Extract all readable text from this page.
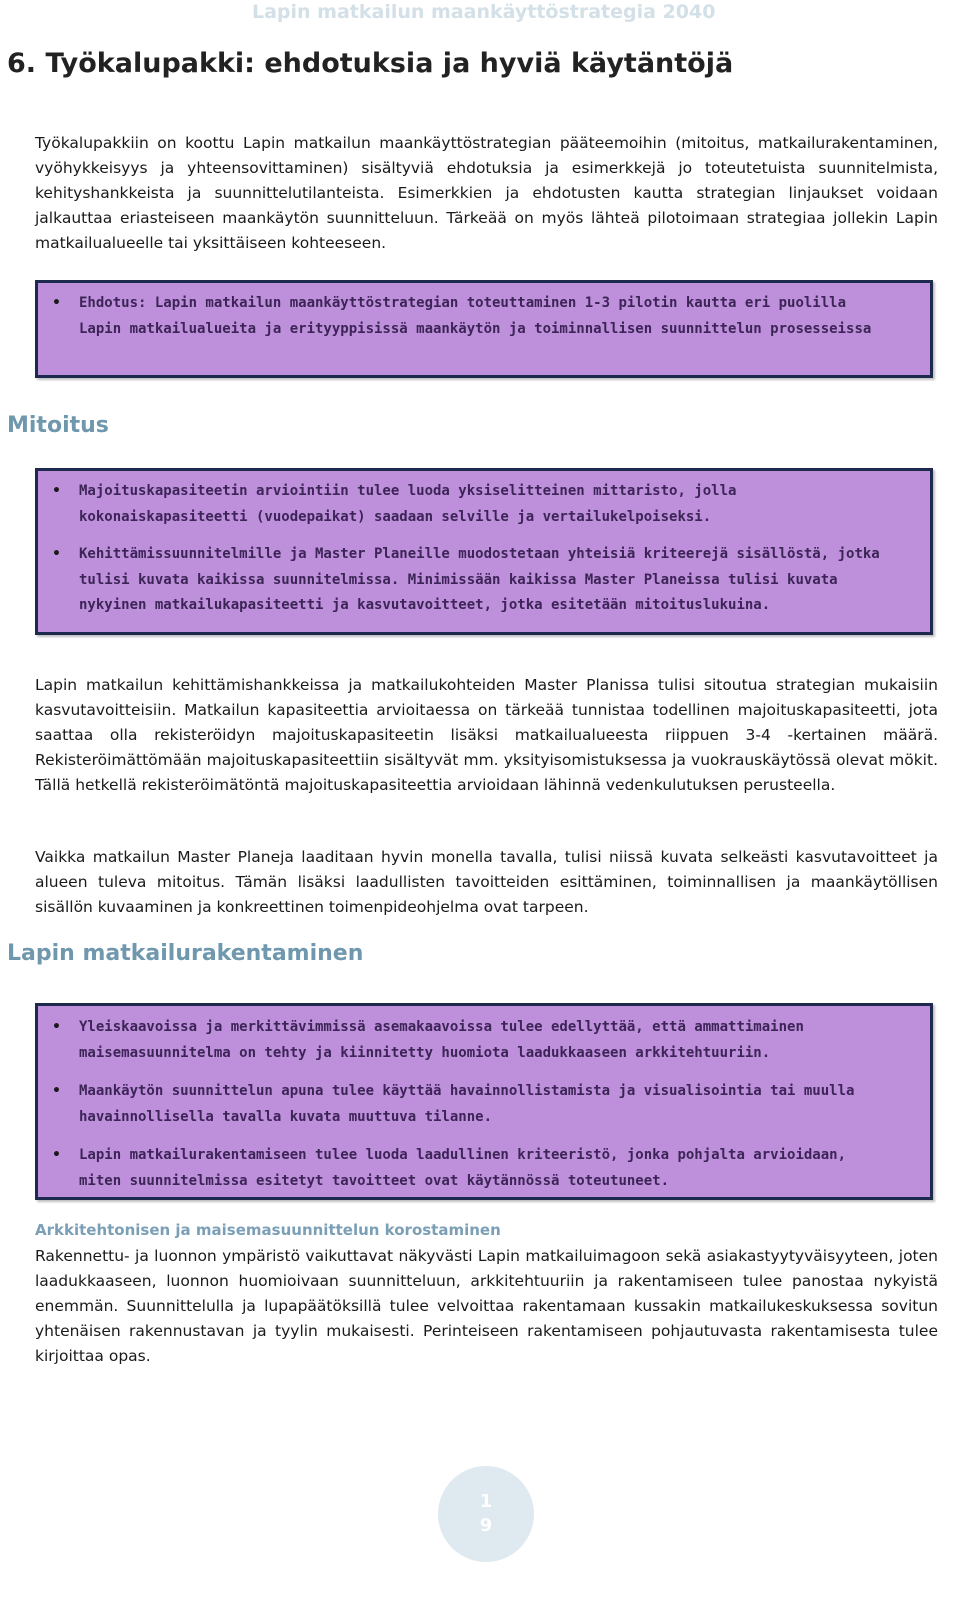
Lapin matkailun maankäyttöstrategia 2040
6. Työkalupakki: ehdotuksia ja hyviä käytäntöjä
Työkalupakkiin on koottu Lapin matkailun maankäyttöstrategian pääteemoihin (mitoitus, matkailurakentaminen, vyöhykkeisyys ja yhteensovittaminen) sisältyviä ehdotuksia ja esimerkkejä jo toteutetuista suunnitelmista, kehityshankkeista ja suunnittelutilanteista. Esimerkkien ja ehdotusten kautta strategian linjaukset voidaan jalkauttaa eriasteiseen maankäytön suunnitteluun. Tärkeää on myös lähteä pilotoimaan strategiaa jollekin Lapin matkailualueelle tai yksittäiseen kohteeseen.
• Ehdotus: Lapin matkailun maankäyttöstrategian toteuttaminen 1-3 pilotin kautta eri puolilla Lapin matkailualueita ja erityyppisissä maankäytön ja toiminnallisen suunnittelun prosesseissa
Mitoitus
• Majoituskapasiteetin arviointiin tulee luoda yksiselitteinen mittaristo, jolla kokonaiskapasiteetti (vuodepaikat) saadaan selville ja vertailukelpoiseksi.
• Kehittämissuunnitelmille ja Master Planeille muodostetaan yhteisiä kriteerejä sisällöstä, jotka tulisi kuvata kaikissa suunnitelmissa. Minimissään kaikissa Master Planeissa tulisi kuvata nykyinen matkailukapasiteetti ja kasvutavoitteet, jotka esitetään mitoituslukuina.
Lapin matkailun kehittämishankkeissa ja matkailukohteiden Master Planissa tulisi sitoutua strategian mukaisiin kasvutavoitteisiin. Matkailun kapasiteettia arvioitaessa on tärkeää tunnistaa todellinen majoituskapasiteetti, jota saattaa olla rekisteröidyn majoituskapasiteetin lisäksi matkailualueesta riippuen 3-4 -kertainen määrä. Rekisteröimättömään majoituskapasiteettiin sisältyvät mm. yksityisomistuksessa ja vuokrauskäytössä olevat mökit. Tällä hetkellä rekisteröimätöntä majoituskapasiteettia arvioidaan lähinnä vedenkulutuksen perusteella.
Vaikka matkailun Master Planeja laaditaan hyvin monella tavalla, tulisi niissä kuvata selkeästi kasvutavoitteet ja alueen tuleva mitoitus. Tämän lisäksi laadullisten tavoitteiden esittäminen, toiminnallisen ja maankäytöllisen sisällön kuvaaminen ja konkreettinen toimenpideohjelma ovat tarpeen.
Lapin matkailurakentaminen
• Yleiskaavoissa ja merkittävimmissä asemakaavoissa tulee edellyttää, että ammattimainen maisemasuunnitelma on tehty ja kiinnitetty huomiota laadukkaaseen arkkitehtuuriin.
• Maankäytön suunnittelun apuna tulee käyttää havainnollistamista ja visualisointia tai muulla havainnollisella tavalla kuvata muuttuva tilanne.
• Lapin matkailurakentamiseen tulee luoda laadullinen kriteeristö, jonka pohjalta arvioidaan, miten suunnitelmissa esitetyt tavoitteet ovat käytännössä toteutuneet.
Arkkitehtonisen ja maisemasuunnittelun korostaminen
Rakennettu- ja luonnon ympäristö vaikuttavat näkyvästi Lapin matkailuimagoon sekä asiakastyytyväisyyteen, joten laadukkaaseen, luonnon huomioivaan suunnitteluun, arkkitehtuuriin ja rakentamiseen tulee panostaa nykyistä enemmän. Suunnittelulla ja lupapäätöksillä tulee velvoittaa rakentamaan kussakin matkailukeskuksessa sovitun yhtenäisen rakennustavan ja tyylin mukaisesti. Perinteiseen rakentamiseen pohjautuvasta rakentamisesta tulee kirjoittaa opas.
1
9
